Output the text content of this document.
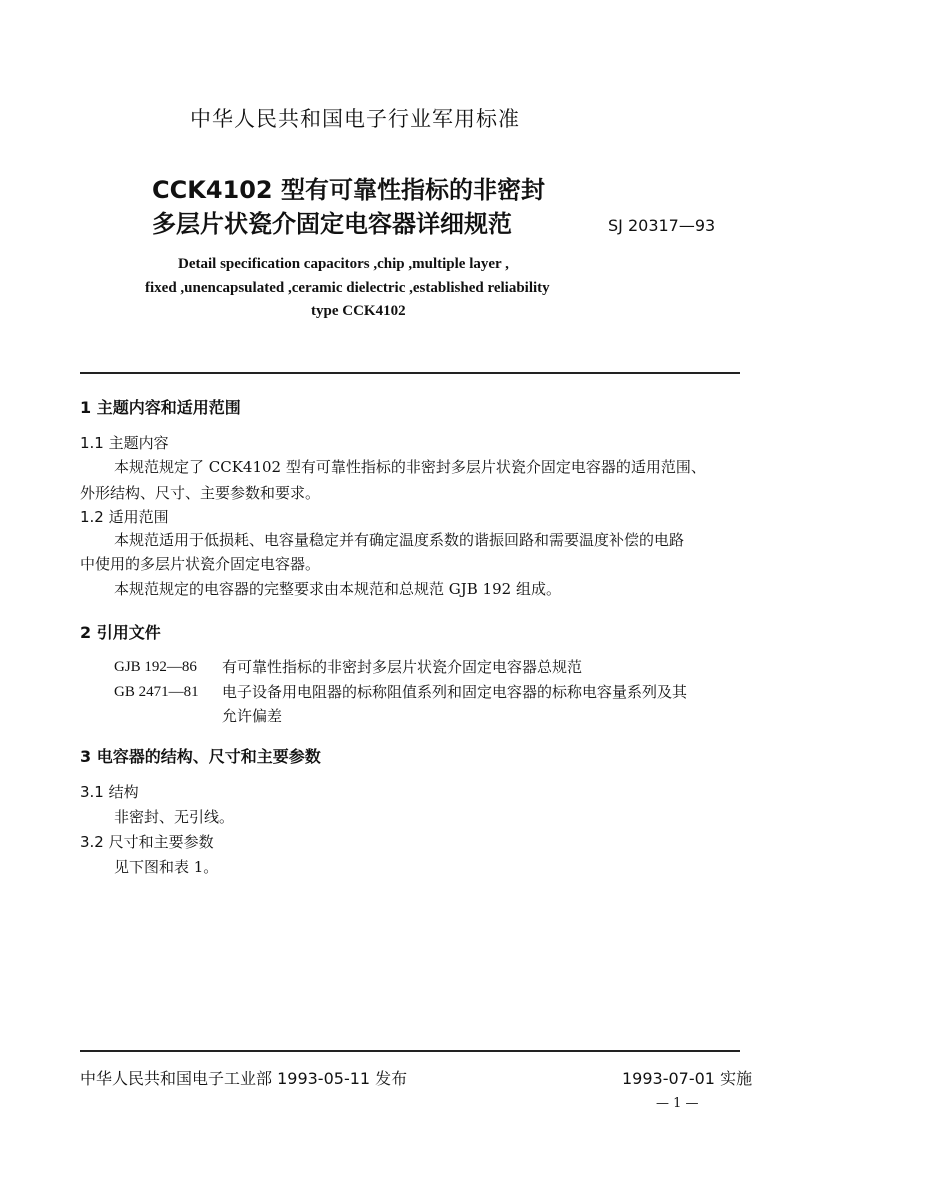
中华人民共和国电子行业军用标准
CCK4102 型有可靠性指标的非密封
多层片状瓷介固定电容器详细规范	SJ 20317—93
Detail specification capacitors ,chip ,multiple layer ,
fixed ,unencapsulated ,ceramic dielectric ,established reliability
type CCK4102
1 主题内容和适用范围
1.1 主题内容
本规范规定了 CCK4102 型有可靠性指标的非密封多层片状瓷介固定电容器的适用范围、
外形结构、尺寸、主要参数和要求。
1.2 适用范围
本规范适用于低损耗、电容量稳定并有确定温度系数的谐振回路和需要温度补偿的电路
中使用的多层片状瓷介固定电容器。
本规范规定的电容器的完整要求由本规范和总规范 GJB 192 组成。
2 引用文件
GJB 192—86 有可靠性指标的非密封多层片状瓷介固定电容器总规范
GB 2471—81 电子设备用电阻器的标称阻值系列和固定电容器的标称电容量系列及其
允许偏差
3 电容器的结构、尺寸和主要参数
3.1 结构
非密封、无引线。
3.2 尺寸和主要参数
见下图和表 1。
中华人民共和国电子工业部 1993-05-11 发布	1993-07-01 实施
— 1 —
